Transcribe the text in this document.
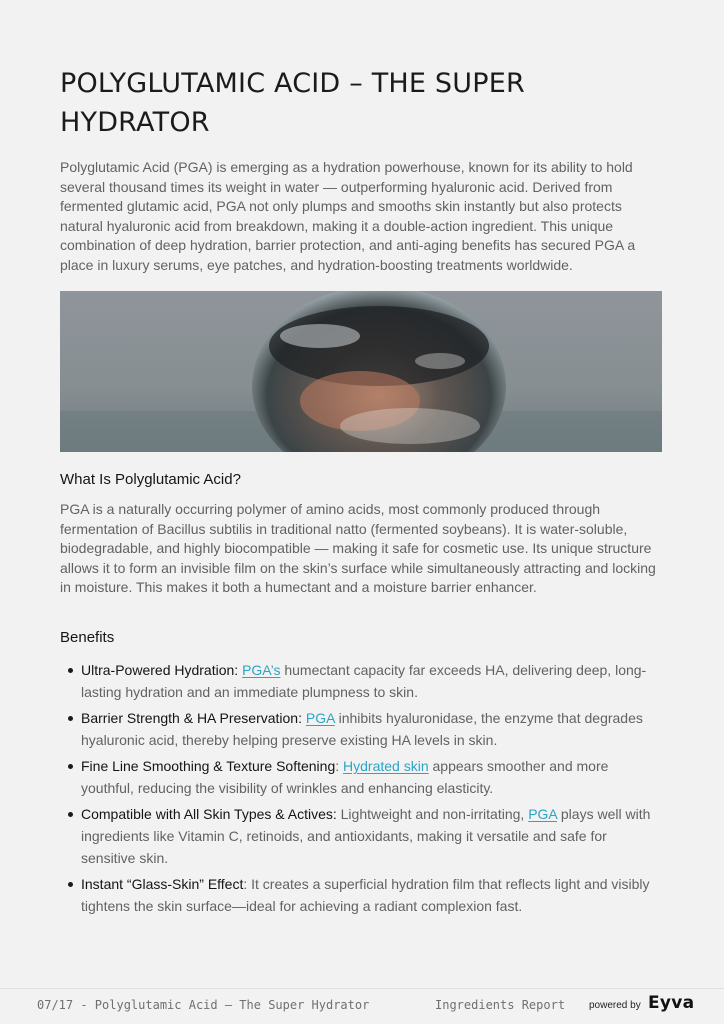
POLYGLUTAMIC ACID – THE SUPER HYDRATOR

Polyglutamic Acid (PGA) is emerging as a hydration powerhouse, known for its ability to hold several thousand times its weight in water — outperforming hyaluronic acid. Derived from fermented glutamic acid, PGA not only plumps and smooths skin instantly but also protects natural hyaluronic acid from breakdown, making it a double-action ingredient. This unique combination of deep hydration, barrier protection, and anti-aging benefits has secured PGA a place in luxury serums, eye patches, and hydration-boosting treatments worldwide.

What Is Polyglutamic Acid?

PGA is a naturally occurring polymer of amino acids, most commonly produced through fermentation of Bacillus subtilis in traditional natto (fermented soybeans). It is water-soluble, biodegradable, and highly biocompatible — making it safe for cosmetic use. Its unique structure allows it to form an invisible film on the skin’s surface while simultaneously attracting and locking in moisture. This makes it both a humectant and a moisture barrier enhancer.

Benefits
Ultra-Powered Hydration: PGA’s humectant capacity far exceeds HA, delivering deep, long-lasting hydration and an immediate plumpness to skin.
Barrier Strength & HA Preservation: PGA inhibits hyaluronidase, the enzyme that degrades hyaluronic acid, thereby helping preserve existing HA levels in skin.
Fine Line Smoothing & Texture Softening: Hydrated skin appears smoother and more youthful, reducing the visibility of wrinkles and enhancing elasticity.
Compatible with All Skin Types & Actives: Lightweight and non-irritating, PGA plays well with ingredients like Vitamin C, retinoids, and antioxidants, making it versatile and safe for sensitive skin.
Instant “Glass-Skin” Effect: It creates a superficial hydration film that reflects light and visibly tightens the skin surface—ideal for achieving a radiant complexion fast.
07/17 - Polyglutamic Acid – The Super Hydrator	Ingredients Report powered by Eyva
